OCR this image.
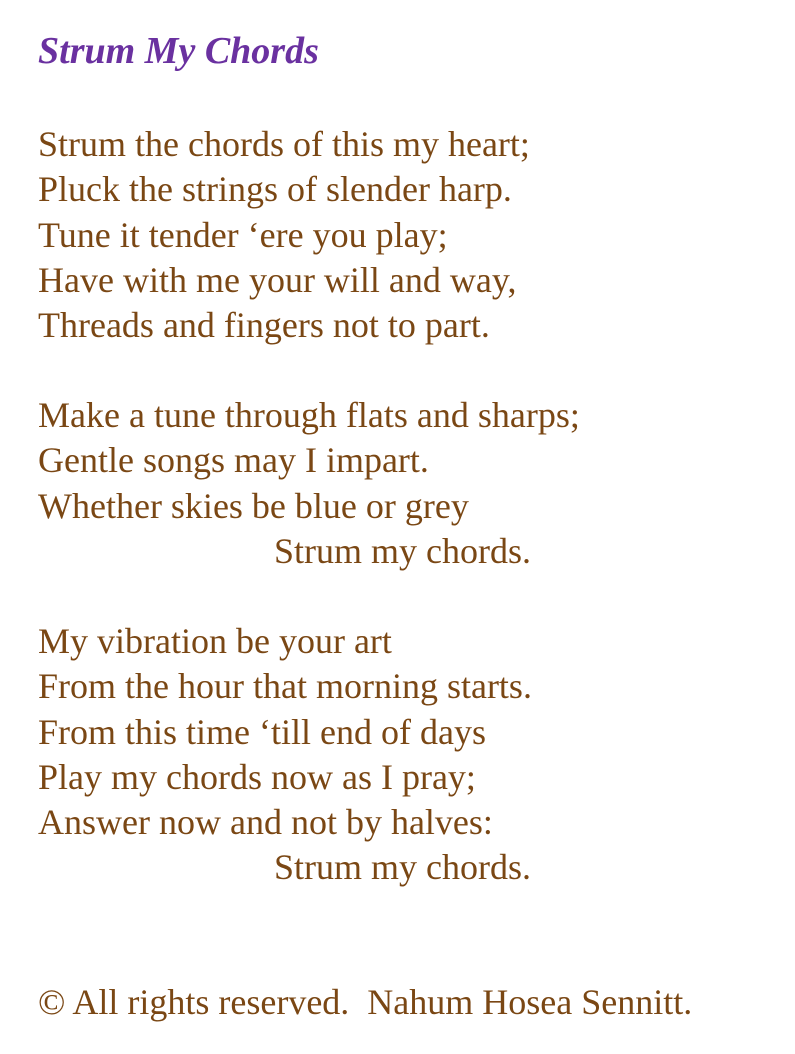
Strum My Chords
Strum the chords of this my heart;
Pluck the strings of slender harp.
Tune it tender ‘ere you play;
Have with me your will and way,
Threads and fingers not to part.
Make a tune through flats and sharps;
Gentle songs may I impart.
Whether skies be blue or grey
Strum my chords.
My vibration be your art
From the hour that morning starts.
From this time ‘till end of days
Play my chords now as I pray;
Answer now and not by halves:
Strum my chords.

© All rights reserved.  Nahum Hosea Sennitt.
